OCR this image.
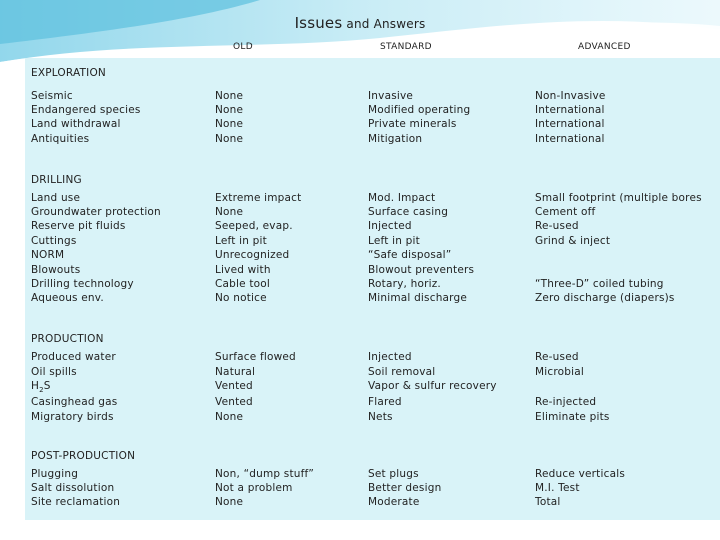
Issues and Answers
OLD	STANDARD	ADVANCED
EXPLORATION
Seismic	None	Invasive	Non-Invasive
Endangered species	None	Modified operating	International
Land withdrawal	None	Private minerals	International
Antiquities	None	Mitigation	International
DRILLING
Land use	Extreme impact	Mod. Impact	Small footprint (multiple bores
Groundwater protection	None	Surface casing	Cement off
Reserve pit fluids	Seeped, evap.	Injected	Re-used
Cuttings	Left in pit	Left in pit	Grind & inject
NORM	Unrecognized	“Safe disposal”
Blowouts	Lived with	Blowout preventers
Drilling technology	Cable tool	Rotary, horiz.	“Three-D” coiled tubing
Aqueous env.	No notice	Minimal discharge	Zero discharge (diapers)s
PRODUCTION
Produced water	Surface flowed	Injected	Re-used
Oil spills	Natural	Soil removal	Microbial
$H_2S$	Vented	Vapor & sulfur recovery
Casinghead gas	Vented	Flared	Re-injected
Migratory birds	None	Nets	Eliminate pits
POST-PRODUCTION
Plugging	Non, “dump stuff”	Set plugs	Reduce verticals
Salt dissolution	Not a problem	Better design	M.I. Test
Site reclamation	None	Moderate	Total
